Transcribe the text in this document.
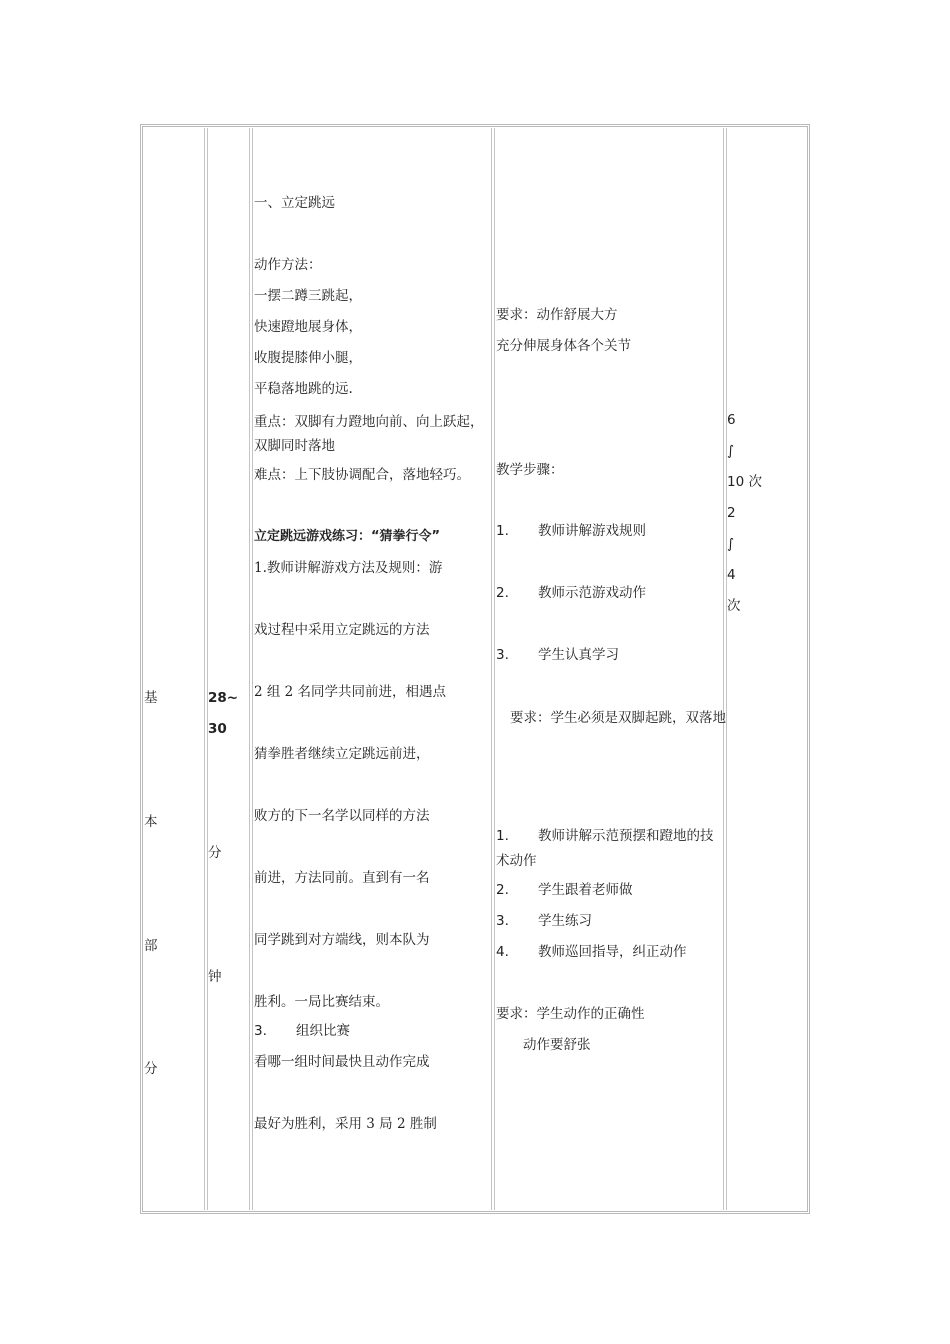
基
本
部
分
28~
30
分
钟
一、立定跳远
动作方法：
一摆二蹲三跳起，
快速蹬地展身体，
收腹提膝伸小腿，
平稳落地跳的远.
重点：双脚有力蹬地向前、向上跃起，双脚同时落地
难点：上下肢协调配合，落地轻巧。
立定跳远游戏练习：“猜拳行令”
1.教师讲解游戏方法及规则：游
戏过程中采用立定跳远的方法
2 组 2 名同学共同前进，相遇点
猜拳胜者继续立定跳远前进，
败方的下一名学以同样的方法
前进，方法同前。直到有一名
同学跳到对方端线，则本队为
胜利。一局比赛结束。
3. 组织比赛
看哪一组时间最快且动作完成
最好为胜利，采用 3 局 2 胜制
要求：动作舒展大方
充分伸展身体各个关节
教学步骤：
1. 教师讲解游戏规则
2. 教师示范游戏动作
3. 学生认真学习
要求：学生必须是双脚起跳，双落地
1. 教师讲解示范预摆和蹬地的技术动作
2. 学生跟着老师做
3. 学生练习
4. 教师巡回指导，纠正动作
要求：学生动作的正确性
动作要舒张
6
∫
10 次
2
∫
4
次
